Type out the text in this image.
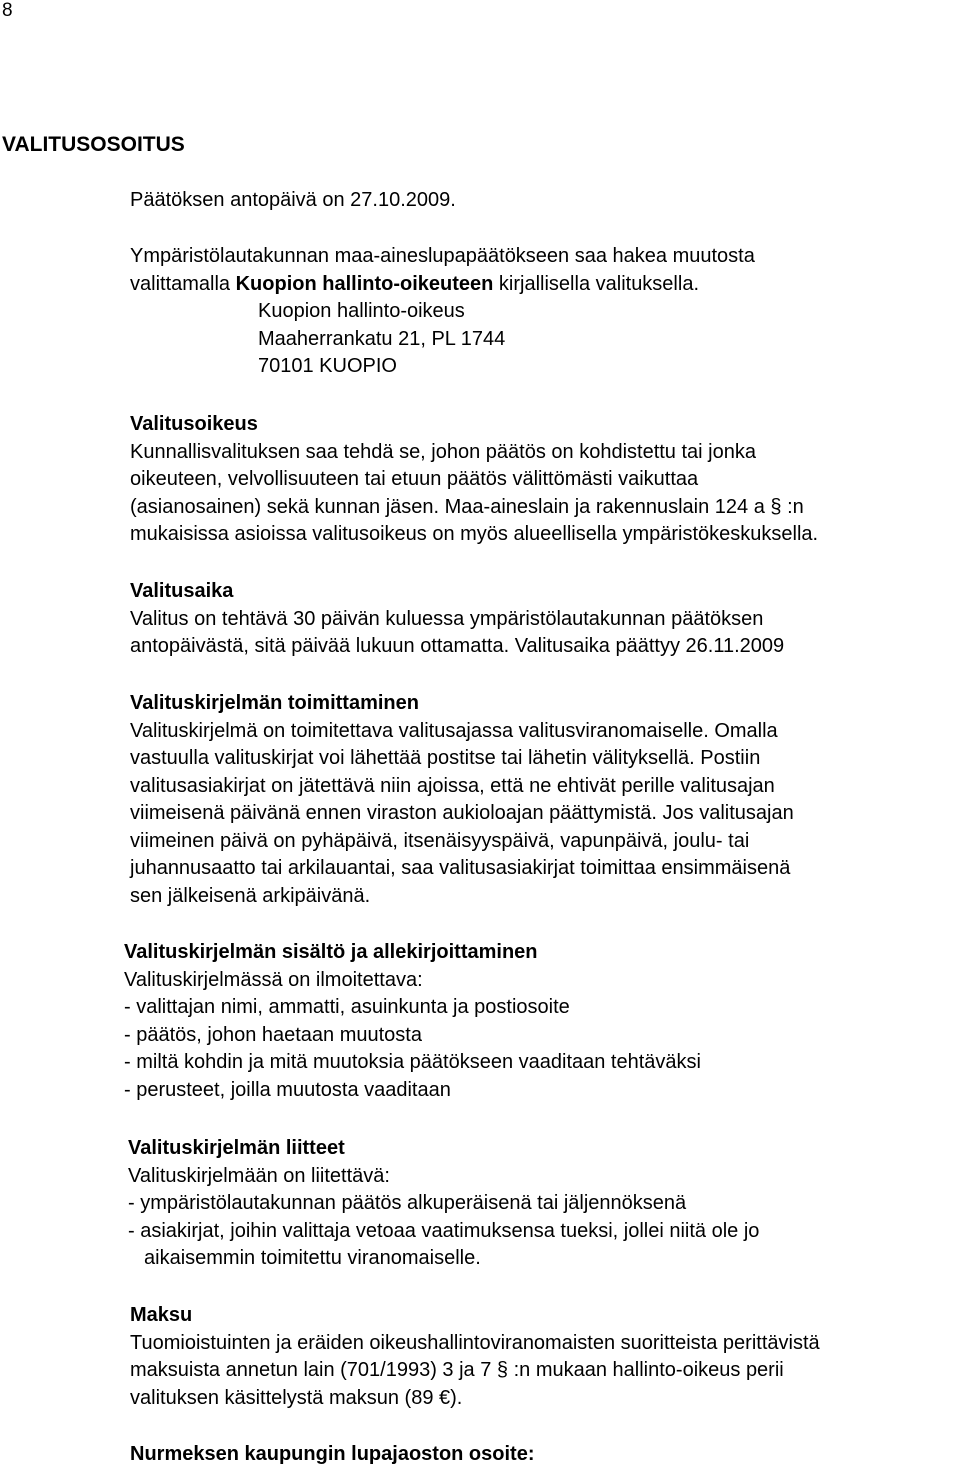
8
VALITUSOSOITUS
Päätöksen antopäivä on 27.10.2009.
Ympäristölautakunnan maa-aineslupapäätökseen saa hakea muutosta
valittamalla Kuopion hallinto-oikeuteen kirjallisella valituksella.
Kuopion hallinto-oikeus
Maaherrankatu 21, PL 1744
70101 KUOPIO
Valitusoikeus
Kunnallisvalituksen saa tehdä se, johon päätös on kohdistettu tai jonka
oikeuteen, velvollisuuteen tai etuun päätös välittömästi vaikuttaa
(asianosainen) sekä kunnan jäsen. Maa-aineslain ja rakennuslain 124 a § :n
mukaisissa asioissa valitusoikeus on myös alueellisella ympäristökeskuksella.
Valitusaika
Valitus on tehtävä 30 päivän kuluessa ympäristölautakunnan päätöksen
antopäivästä, sitä päivää lukuun ottamatta. Valitusaika päättyy 26.11.2009
Valituskirjelmän toimittaminen
Valituskirjelmä on toimitettava valitusajassa valitusviranomaiselle. Omalla
vastuulla valituskirjat voi lähettää postitse tai lähetin välityksellä. Postiin
valitusasiakirjat on jätettävä niin ajoissa, että ne ehtivät perille valitusajan
viimeisenä päivänä ennen viraston aukioloajan päättymistä. Jos valitusajan
viimeinen päivä on pyhäpäivä, itsenäisyyspäivä, vapunpäivä, joulu- tai
juhannusaatto tai arkilauantai, saa valitusasiakirjat toimittaa ensimmäisenä
sen jälkeisenä arkipäivänä.
Valituskirjelmän sisältö ja allekirjoittaminen
Valituskirjelmässä on ilmoitettava:
- valittajan nimi, ammatti, asuinkunta ja postiosoite
- päätös, johon haetaan muutosta
- miltä kohdin ja mitä muutoksia päätökseen vaaditaan tehtäväksi
- perusteet, joilla muutosta vaaditaan
Valituskirjelmän liitteet
Valituskirjelmään on liitettävä:
- ympäristölautakunnan päätös alkuperäisenä tai jäljennöksenä
- asiakirjat, joihin valittaja vetoaa vaatimuksensa tueksi, jollei niitä ole jo
aikaisemmin toimitettu viranomaiselle.
Maksu
Tuomioistuinten ja eräiden oikeushallintoviranomaisten suoritteista perittävistä
maksuista annetun lain (701/1993) 3 ja 7 § :n mukaan hallinto-oikeus perii
valituksen käsittelystä maksun (89 €).
Nurmeksen kaupungin lupajaoston osoite:
